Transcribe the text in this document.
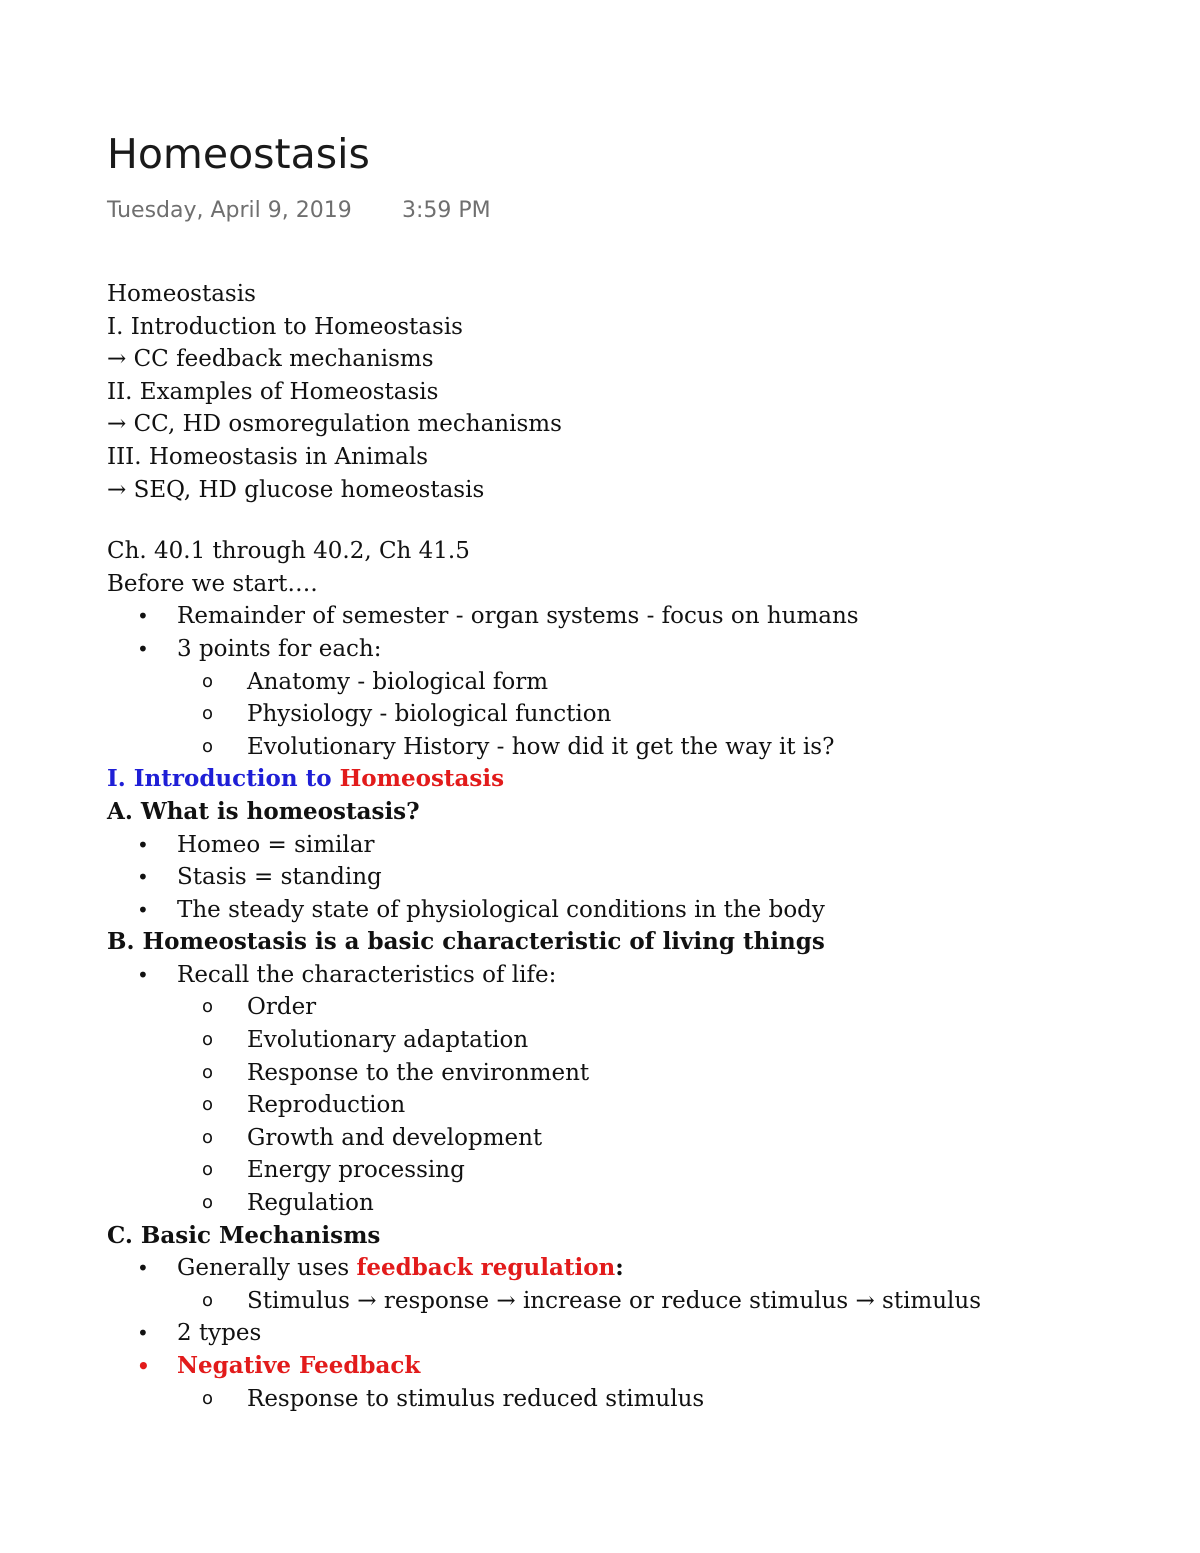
Homeostasis
Tuesday, April 9, 2019 3:59 PM
Homeostasis
I. Introduction to Homeostasis
→ CC feedback mechanisms
II. Examples of Homeostasis
→ CC, HD osmoregulation mechanisms
III. Homeostasis in Animals
→ SEQ, HD glucose homeostasis
Ch. 40.1 through 40.2, Ch 41.5
Before we start….
• Remainder of semester - organ systems - focus on humans
• 3 points for each:
o Anatomy - biological form
o Physiology - biological function
o Evolutionary History - how did it get the way it is?
I. Introduction to Homeostasis
A. What is homeostasis?
• Homeo = similar
• Stasis = standing
• The steady state of physiological conditions in the body
B. Homeostasis is a basic characteristic of living things
• Recall the characteristics of life:
o Order
o Evolutionary adaptation
o Response to the environment
o Reproduction
o Growth and development
o Energy processing
o Regulation
C. Basic Mechanisms
• Generally uses feedback regulation:
o Stimulus → response → increase or reduce stimulus → stimulus
• 2 types
• Negative Feedback
o Response to stimulus reduced stimulus
